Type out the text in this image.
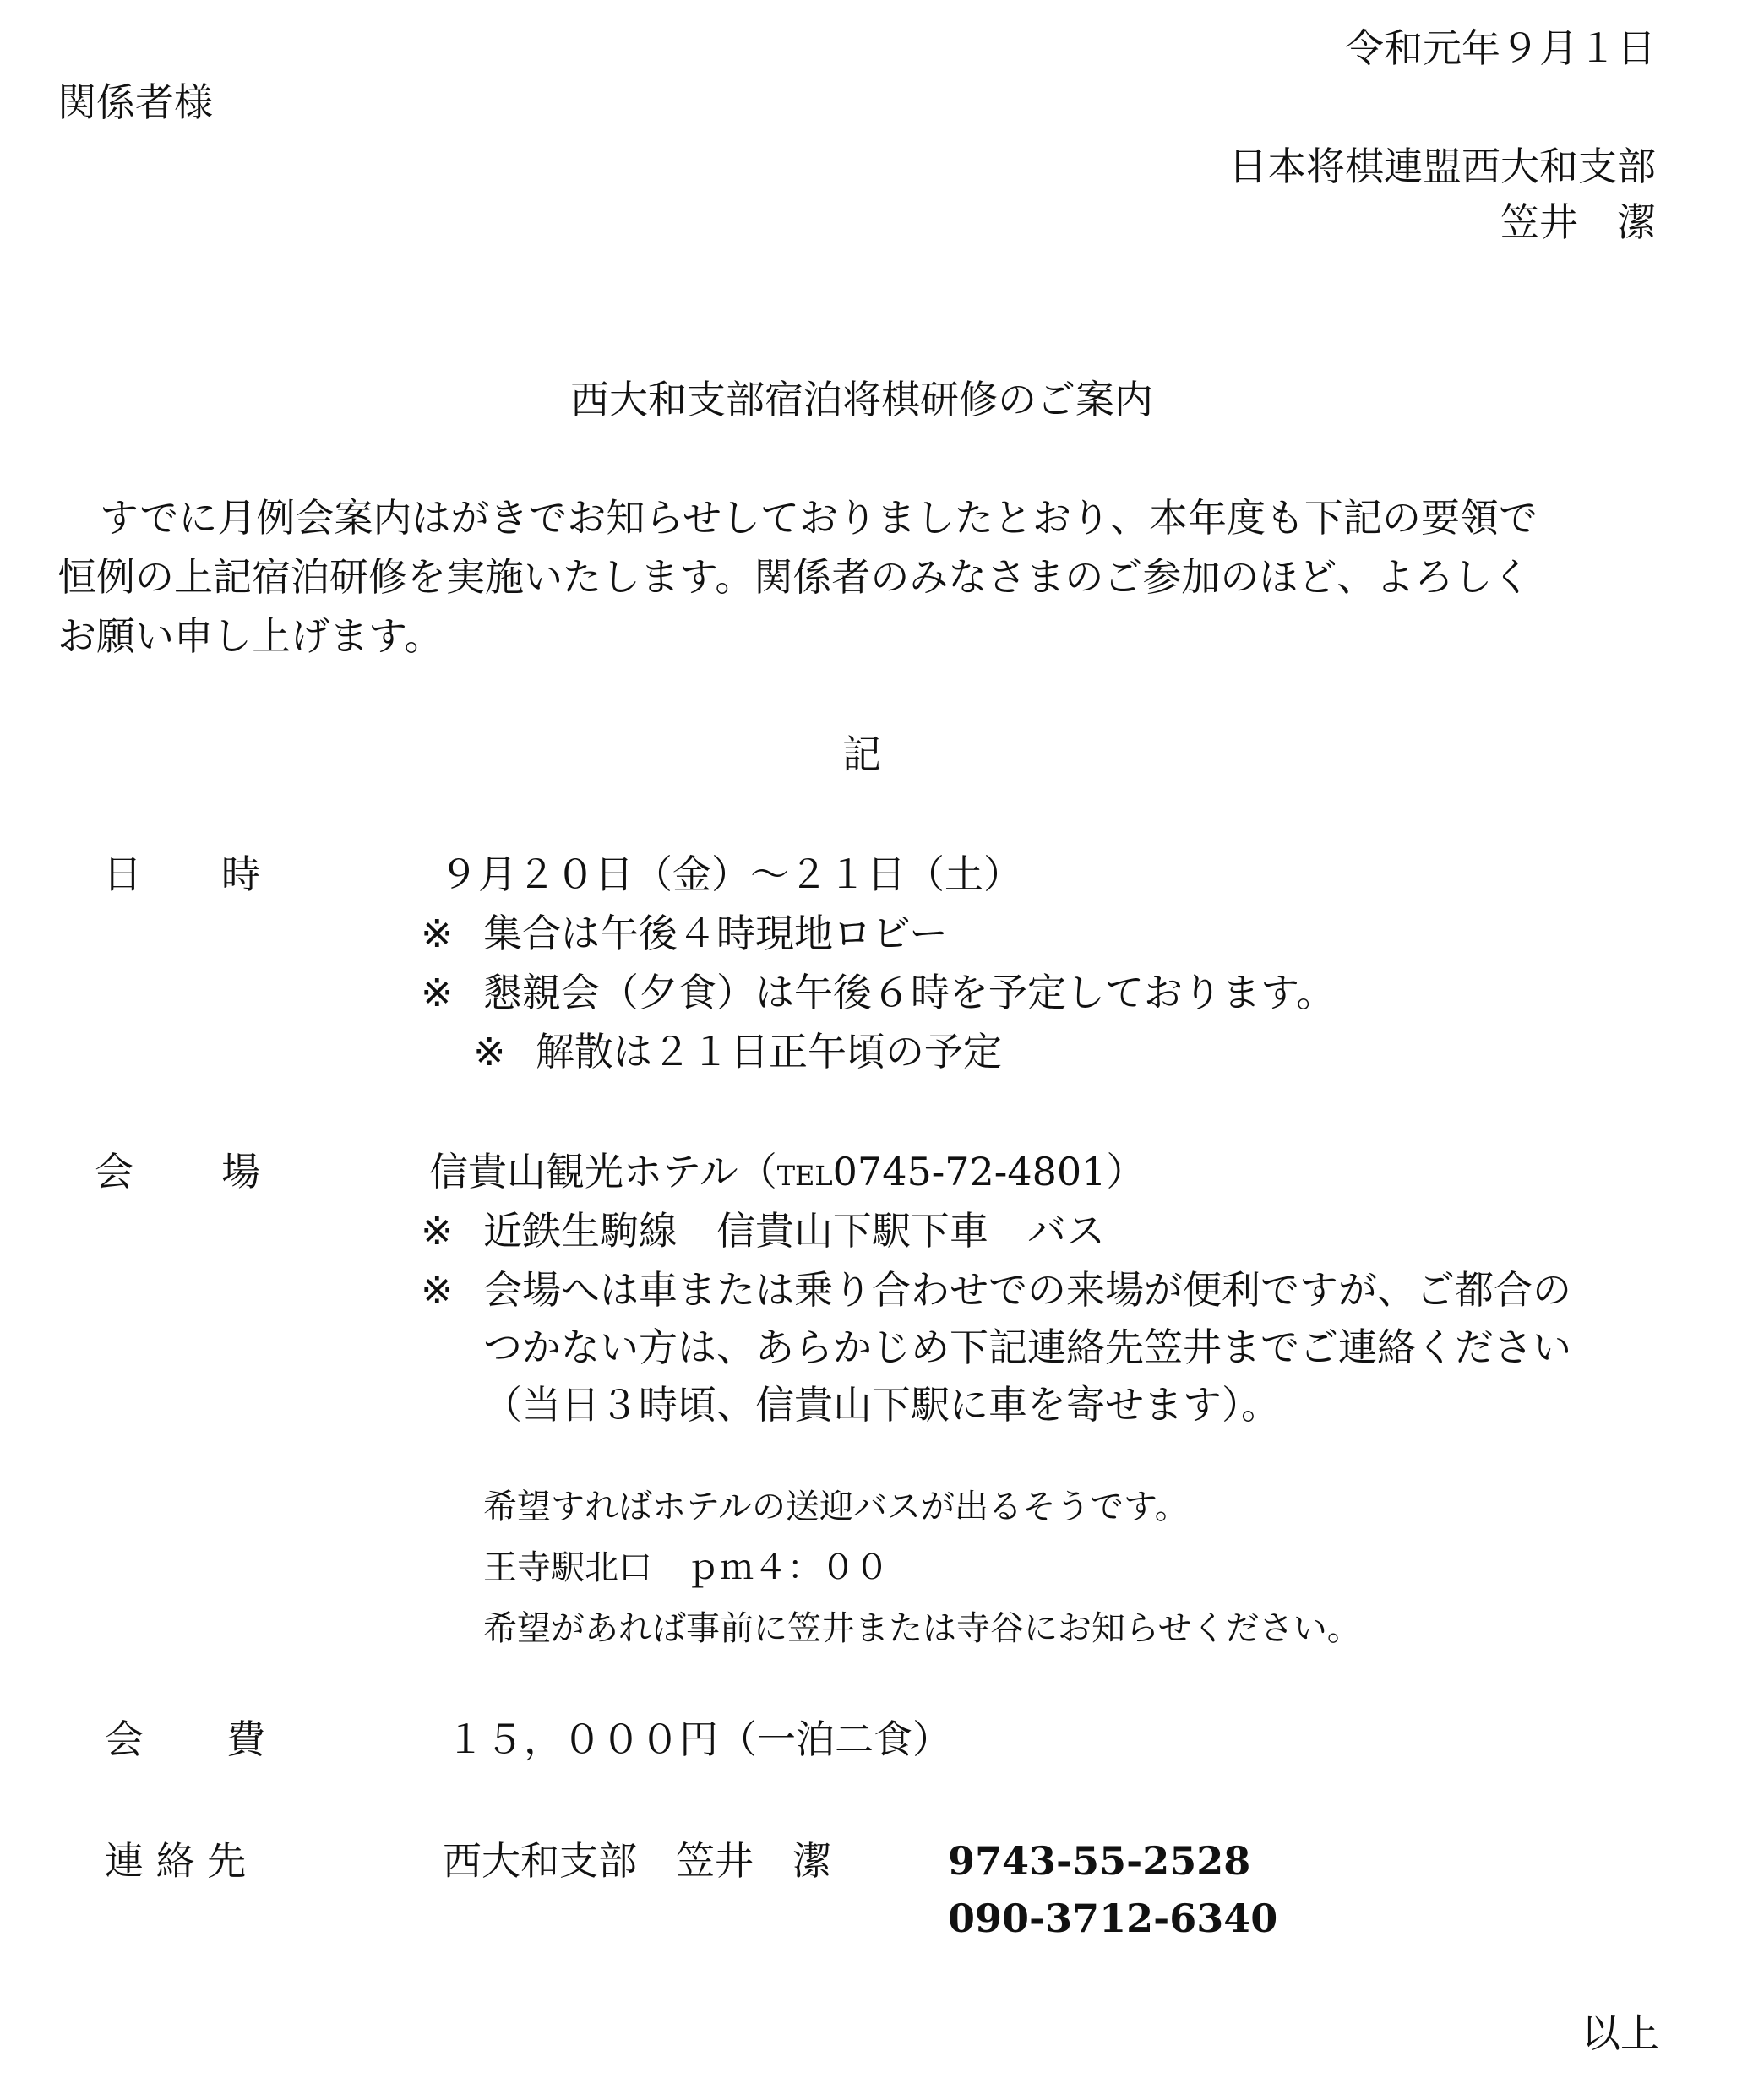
令和元年９月１日
関係者様
日本将棋連盟西大和支部
笠井　潔
西大和支部宿泊将棋研修のご案内
すでに月例会案内はがきでお知らせしておりましたとおり、本年度も下記の要領で
恒例の上記宿泊研修を実施いたします。関係者のみなさまのご参加のほど、よろしく
お願い申し上げます。
記
日 時	９月２０日（金）～２１日（土）
※ 集合は午後４時現地ロビー
※ 懇親会（夕食）は午後６時を予定しております。
※ 解散は２１日正午頃の予定
会 場	信貴山観光ホテル（TEL0745-72-4801）
※ 近鉄生駒線　信貴山下駅下車　バス
※ 会場へは車または乗り合わせでの来場が便利ですが、ご都合の
つかない方は、あらかじめ下記連絡先笠井までご連絡ください
（当日３時頃、信貴山下駅に車を寄せます）。
希望すればホテルの送迎バスが出るそうです。
王寺駅北口　ｐｍ４：００
希望があれば事前に笠井または寺谷にお知らせください。
会 費	１５，０００円（一泊二食）
連 絡 先	西大和支部　笠井　潔	9743-55-2528
090-3712-6340
以上
